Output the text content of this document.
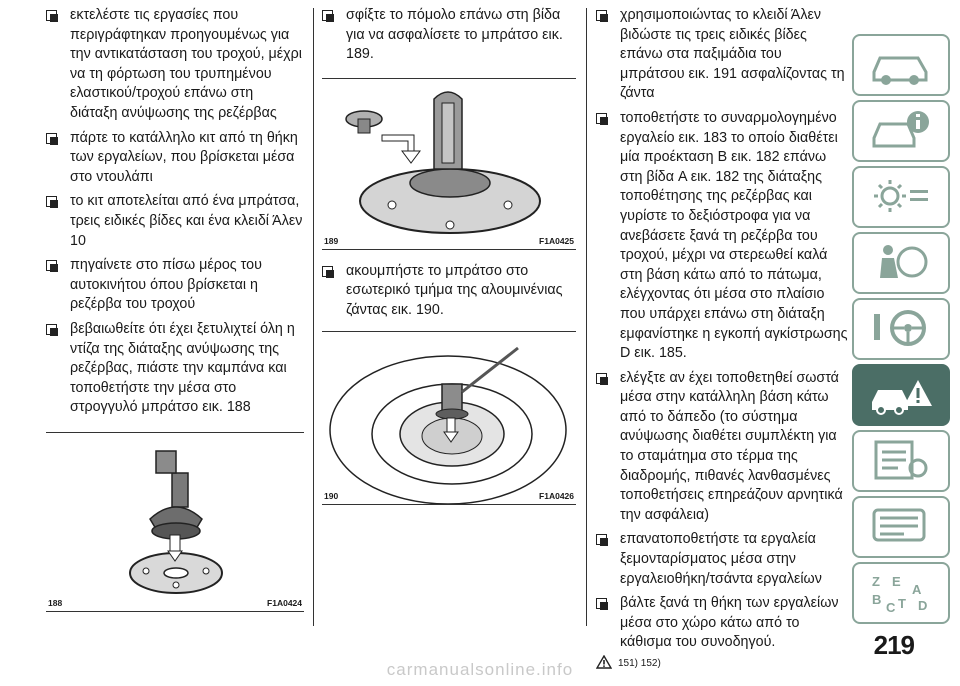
εκτελέστε τις εργασίες που περιγράφτηκαν προηγουμένως για την αντικατάσταση του τροχού, μέχρι να τη φόρτωση του τρυπημένου ελαστικού/τροχού επάνω στη διάταξη ανύψωσης της ρεζέρβας
πάρτε το κατάλληλο κιτ από τη θήκη των εργαλείων, που βρίσκεται μέσα στο ντουλάπι
το κιτ αποτελείται από ένα μπράτσα, τρεις ειδικές βίδες και ένα κλειδί Άλεν 10
πηγαίνετε στο πίσω μέρος του αυτοκινήτου όπου βρίσκεται η ρεζέρβα του τροχού
βεβαιωθείτε ότι έχει ξετυλιχτεί όλη η ντίζα της διάταξης ανύψωσης της ρεζέρβας, πιάστε την καμπάνα και τοποθετήστε την μέσα στο στρογγυλό μπράτσο εικ. 188
188	F1A0424
σφίξτε το πόμολο επάνω στη βίδα για να ασφαλίσετε το μπράτσο εικ. 189.
189	F1A0425
ακουμπήστε το μπράτσο στο εσωτερικό τμήμα της αλουμινένιας ζάντας εικ. 190.
190	F1A0426
χρησιμοποιώντας το κλειδί Άλεν βιδώστε τις τρεις ειδικές βίδες επάνω στα παξιμάδια του μπράτσου εικ. 191 ασφαλίζοντας τη ζάντα
τοποθετήστε το συναρμολογημένο εργαλείο εικ. 183 το οποίο διαθέτει μία προέκταση B εικ. 182 επάνω στη βίδα A εικ. 182 της διάταξης τοποθέτησης της ρεζέρβας και γυρίστε το δεξιόστροφα για να ανεβάσετε ξανά τη ρεζέρβα του τροχού, μέχρι να στερεωθεί καλά στη βάση κάτω από το πάτωμα, ελέγχοντας ότι μέσα στο πλαίσιο που υπάρχει επάνω στη διάταξη εμφανίστηκε η εγκοπή αγκίστρωσης D εικ. 185.
ελέγξτε αν έχει τοποθετηθεί σωστά μέσα στην κατάλληλη βάση κάτω από το δάπεδο (το σύστημα ανύψωσης διαθέτει συμπλέκτη για το σταμάτημα στο τέρμα της διαδρομής, πιθανές λανθασμένες τοποθετήσεις επηρεάζουν αρνητικά την ασφάλεια)
επανατοποθετήστε τα εργαλεία ξεμονταρίσματος μέσα στην εργαλειοθήκη/τσάντα εργαλείων
βάλτε ξανά τη θήκη των εργαλείων μέσα στο χώρο κάτω από το κάθισμα του συνοδηγού.
151) 152)
Z E
A
B
C T D
219
carmanualsonline.info
